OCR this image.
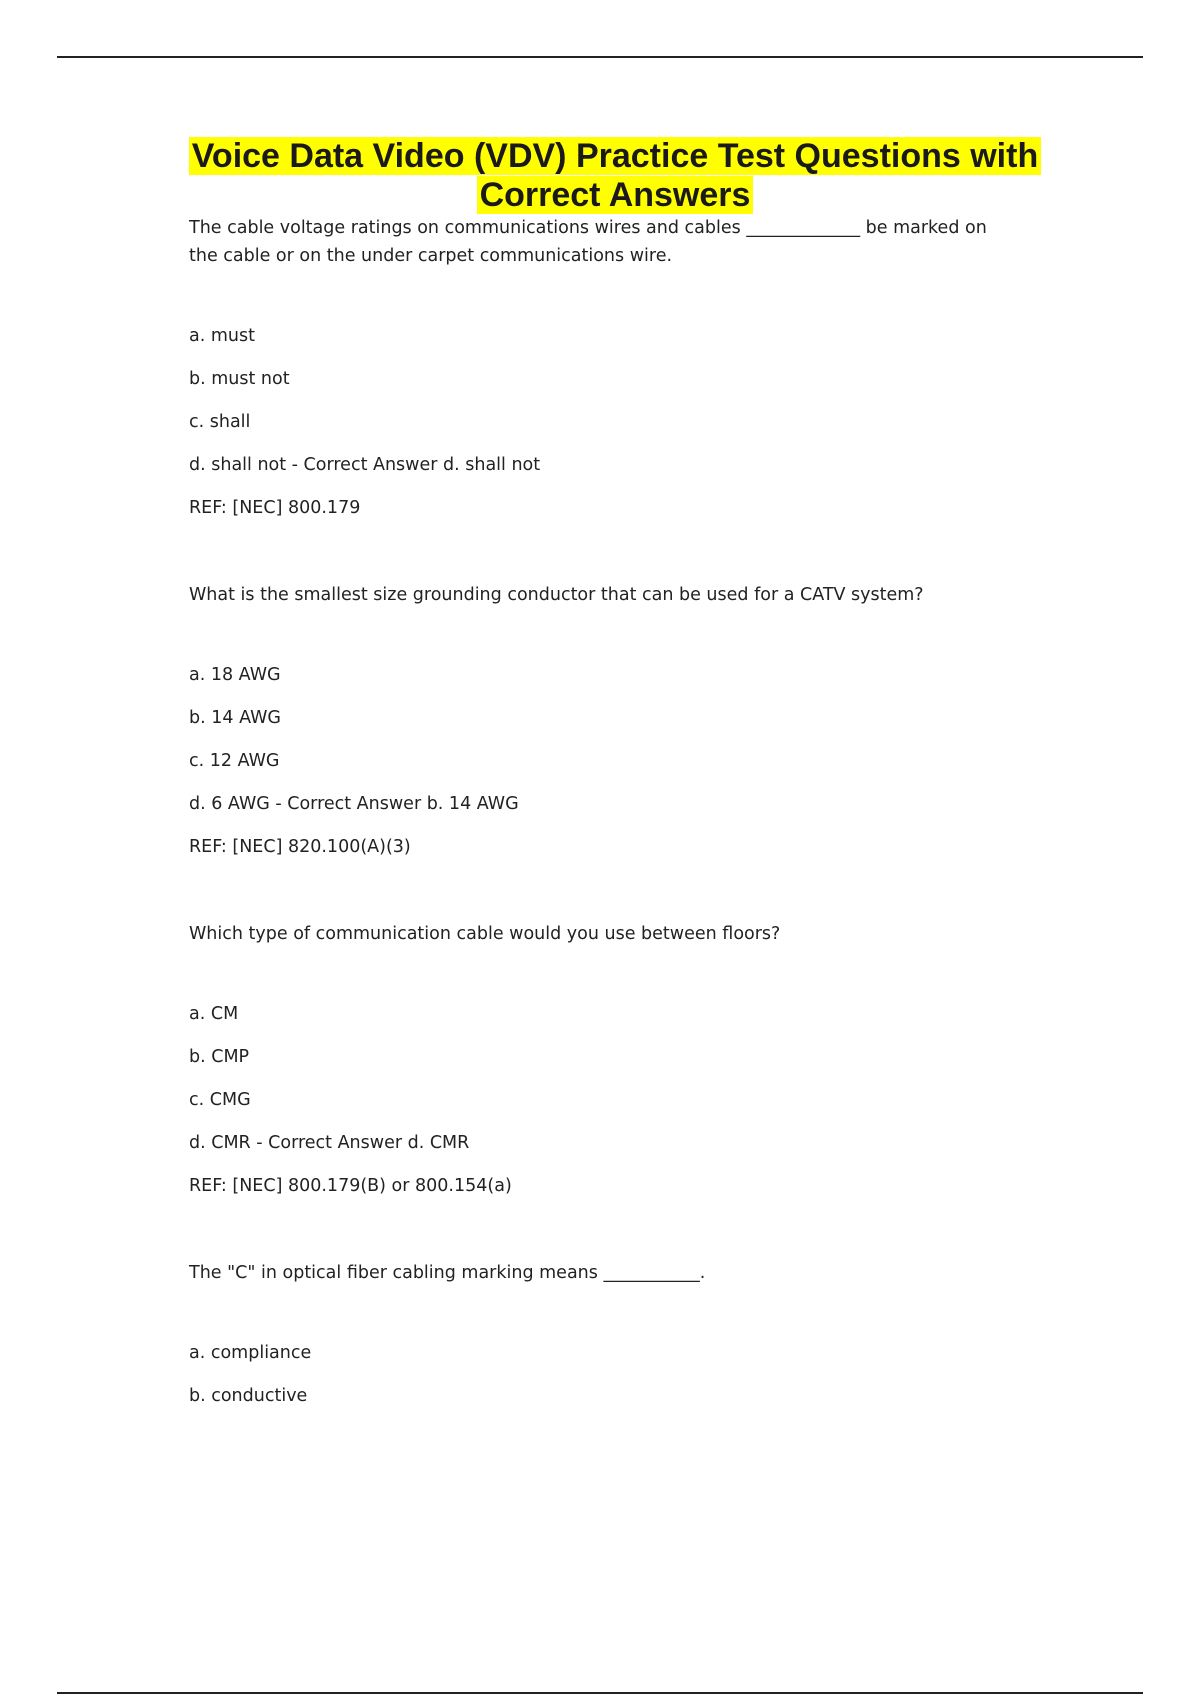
Voice Data Video (VDV) Practice Test Questions with
Correct Answers

The cable voltage ratings on communications wires and cables _____________ be marked on the cable or on the under carpet communications wire.

a. must

b. must not

c. shall

d. shall not - Correct Answer d. shall not

REF: [NEC] 800.179

What is the smallest size grounding conductor that can be used for a CATV system?

a. 18 AWG

b. 14 AWG

c. 12 AWG

d. 6 AWG - Correct Answer b. 14 AWG

REF: [NEC] 820.100(A)(3)

Which type of communication cable would you use between floors?

a. CM

b. CMP

c. CMG

d. CMR - Correct Answer d. CMR

REF: [NEC] 800.179(B) or 800.154(a)

The "C" in optical fiber cabling marking means ___________.

a. compliance

b. conductive
